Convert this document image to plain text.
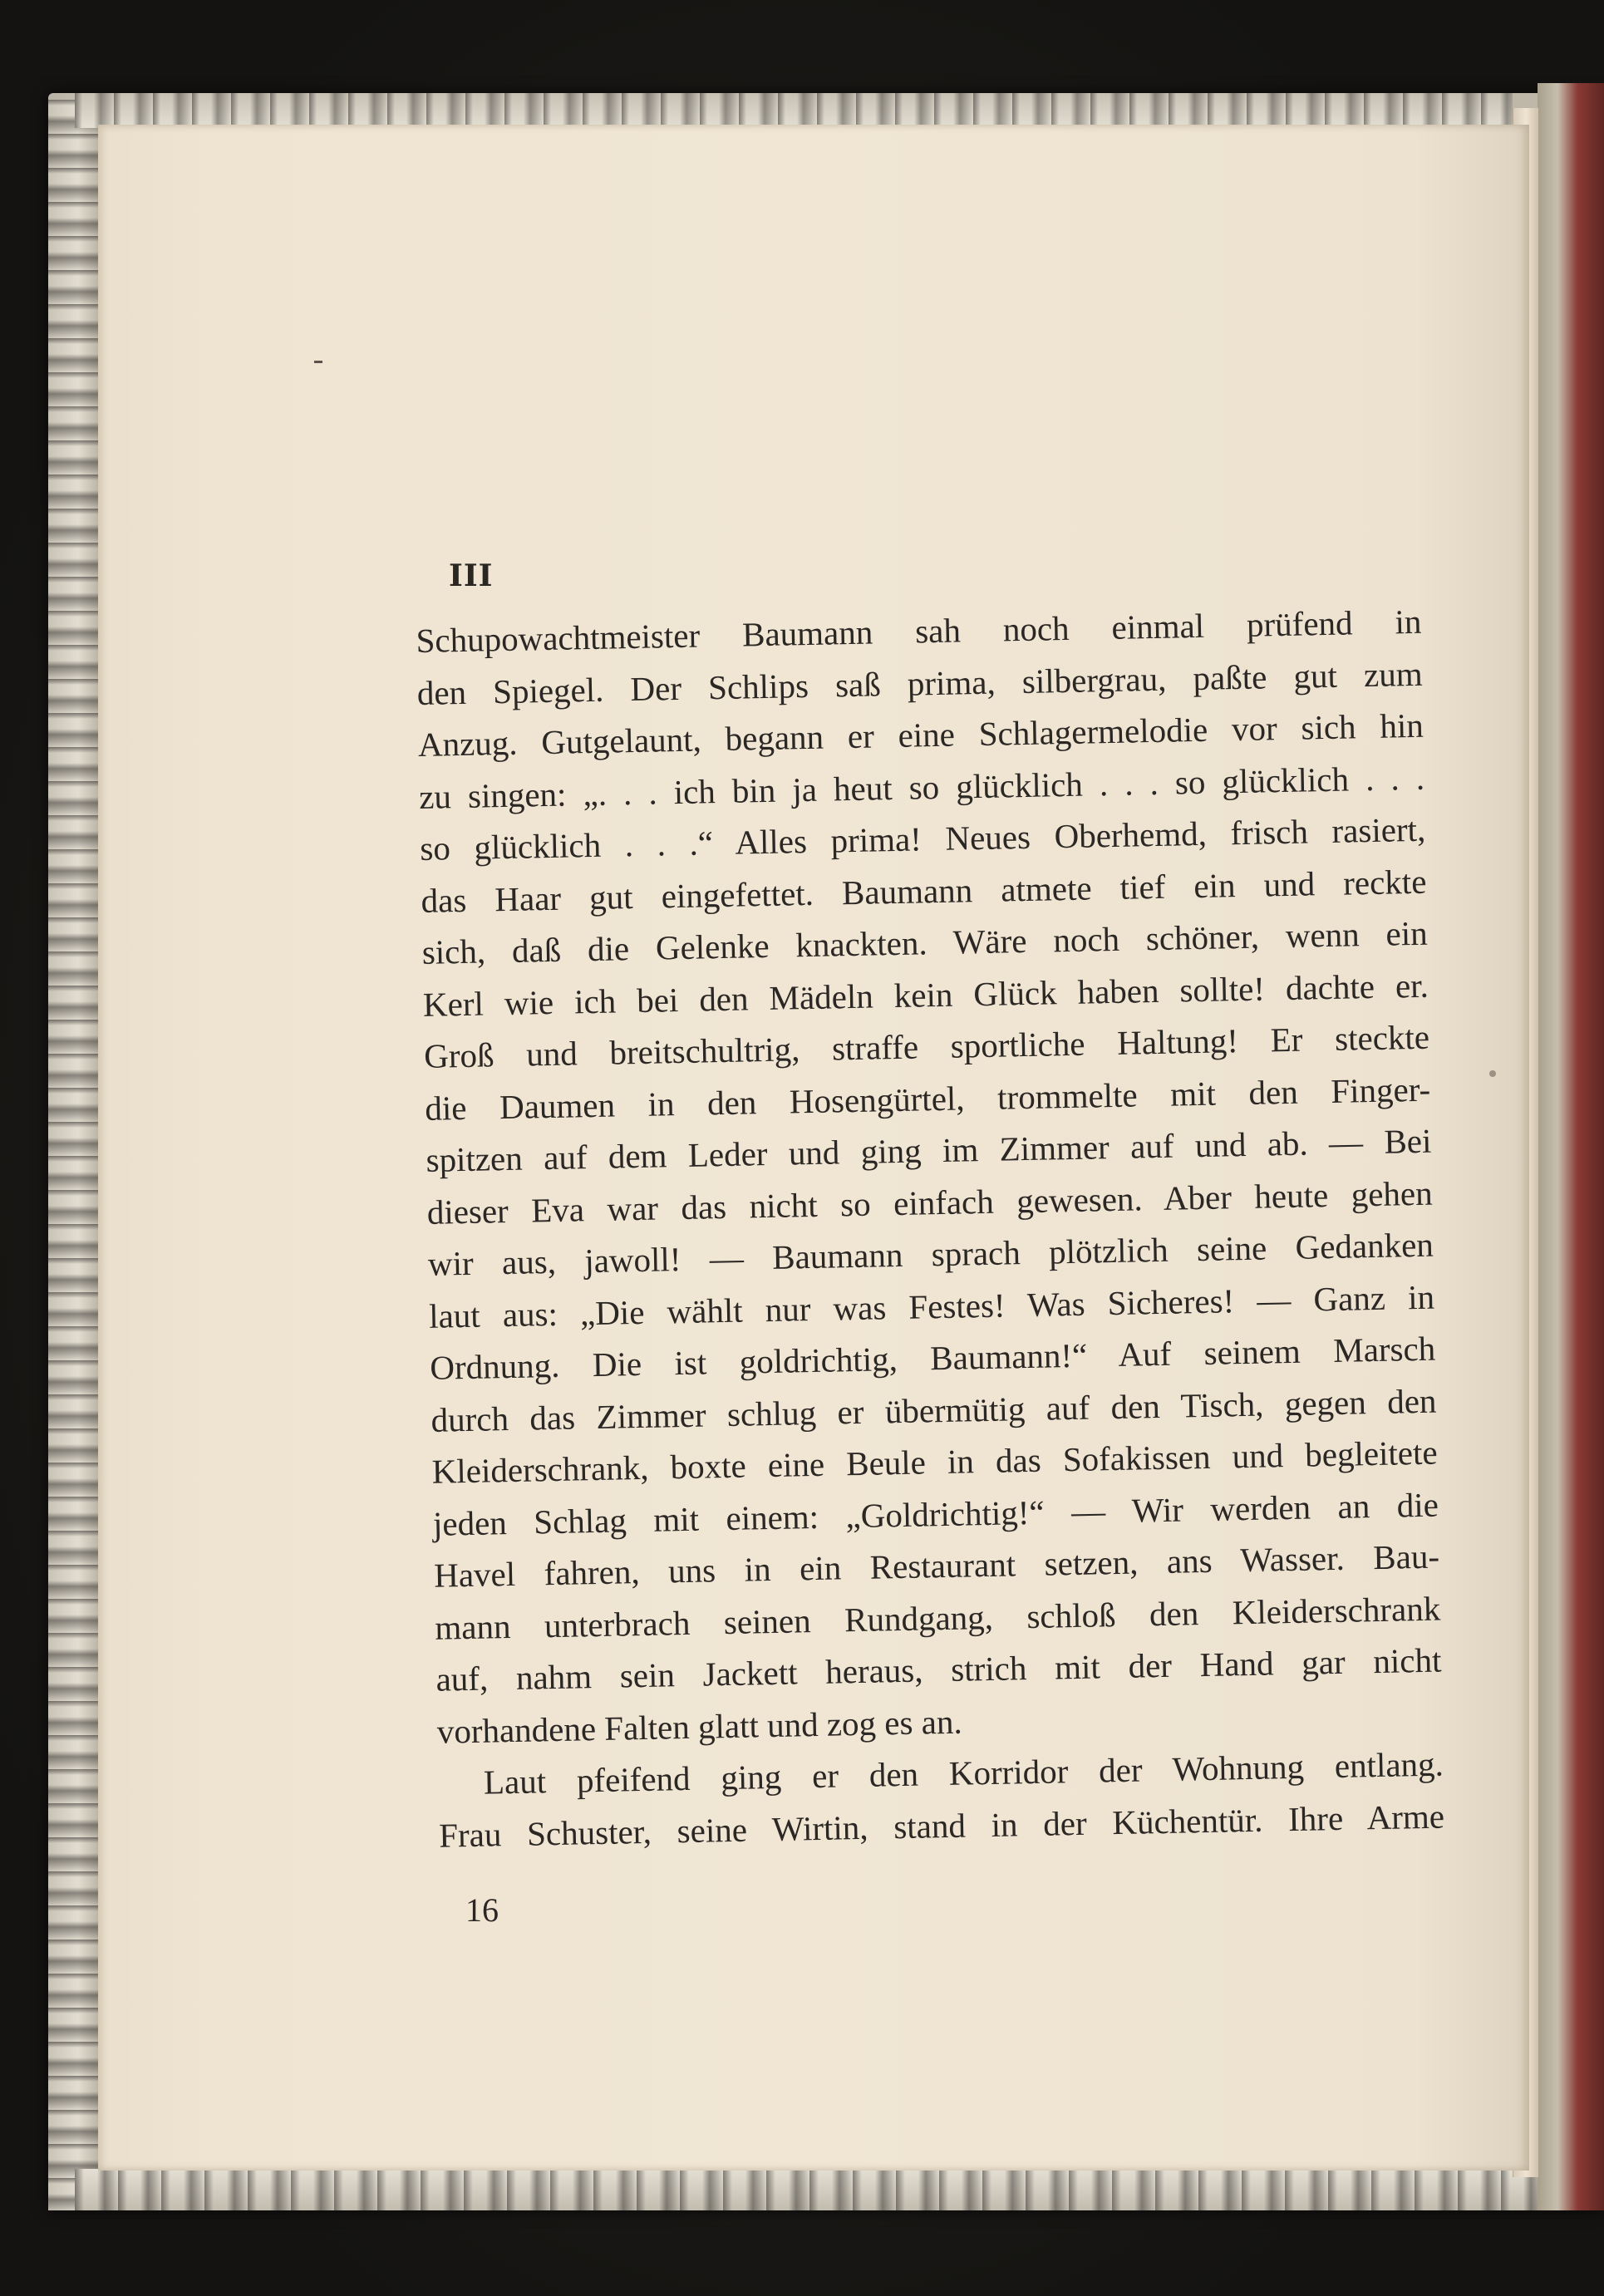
III
Schupowachtmeister Baumann sah noch einmal prüfend in
den Spiegel. Der Schlips saß prima, silbergrau, paßte gut zum
Anzug. Gutgelaunt, begann er eine Schlagermelodie vor sich hin
zu singen: „. . . ich bin ja heut so glücklich . . . so glücklich . . .
so glücklich . . .“ Alles prima! Neues Oberhemd, frisch rasiert,
das Haar gut eingefettet. Baumann atmete tief ein und reckte
sich, daß die Gelenke knackten. Wäre noch schöner, wenn ein
Kerl wie ich bei den Mädeln kein Glück haben sollte! dachte er.
Groß und breitschultrig, straffe sportliche Haltung! Er steckte
die Daumen in den Hosengürtel, trommelte mit den Finger-
spitzen auf dem Leder und ging im Zimmer auf und ab. — Bei
dieser Eva war das nicht so einfach gewesen. Aber heute gehen
wir aus, jawoll! — Baumann sprach plötzlich seine Gedanken
laut aus: „Die wählt nur was Festes! Was Sicheres! — Ganz in
Ordnung. Die ist goldrichtig, Baumann!“ Auf seinem Marsch
durch das Zimmer schlug er übermütig auf den Tisch, gegen den
Kleiderschrank, boxte eine Beule in das Sofakissen und begleitete
jeden Schlag mit einem: „Goldrichtig!“ — Wir werden an die
Havel fahren, uns in ein Restaurant setzen, ans Wasser. Bau-
mann unterbrach seinen Rundgang, schloß den Kleiderschrank
auf, nahm sein Jackett heraus, strich mit der Hand gar nicht
vorhandene Falten glatt und zog es an.
Laut pfeifend ging er den Korridor der Wohnung entlang.
Frau Schuster, seine Wirtin, stand in der Küchentür. Ihre Arme
16
